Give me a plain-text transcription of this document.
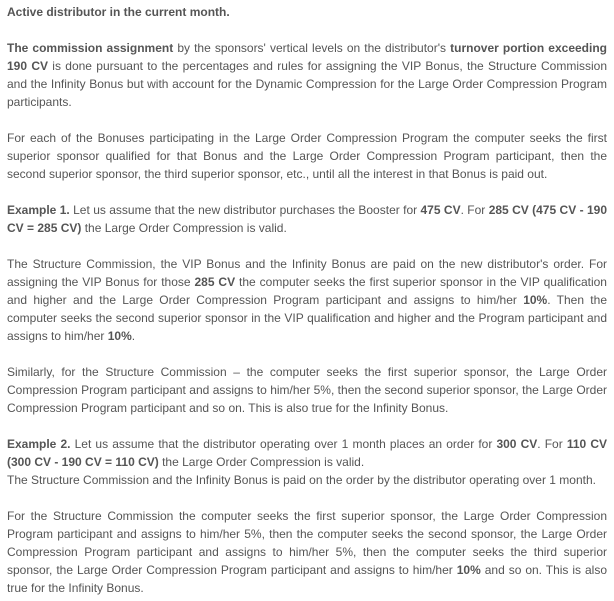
Active distributor in the current month.
The commission assignment by the sponsors' vertical levels on the distributor's turnover portion exceeding 190 CV is done pursuant to the percentages and rules for assigning the VIP Bonus, the Structure Commission and the Infinity Bonus but with account for the Dynamic Compression for the Large Order Compression Program participants.
For each of the Bonuses participating in the Large Order Compression Program the computer seeks the first superior sponsor qualified for that Bonus and the Large Order Compression Program participant, then the second superior sponsor, the third superior sponsor, etc., until all the interest in that Bonus is paid out.
Example 1. Let us assume that the new distributor purchases the Booster for 475 CV. For 285 CV (475 CV - 190 CV = 285 CV) the Large Order Compression is valid.
The Structure Commission, the VIP Bonus and the Infinity Bonus are paid on the new distributor's order. For assigning the VIP Bonus for those 285 CV the computer seeks the first superior sponsor in the VIP qualification and higher and the Large Order Compression Program participant and assigns to him/her 10%. Then the computer seeks the second superior sponsor in the VIP qualification and higher and the Program participant and assigns to him/her 10%.
Similarly, for the Structure Commission – the computer seeks the first superior sponsor, the Large Order Compression Program participant and assigns to him/her 5%, then the second superior sponsor, the Large Order Compression Program participant and so on. This is also true for the Infinity Bonus.
Example 2. Let us assume that the distributor operating over 1 month places an order for 300 CV. For 110 CV (300 CV - 190 CV = 110 CV) the Large Order Compression is valid.
The Structure Commission and the Infinity Bonus is paid on the order by the distributor operating over 1 month.
For the Structure Commission the computer seeks the first superior sponsor, the Large Order Compression Program participant and assigns to him/her 5%, then the computer seeks the second sponsor, the Large Order Compression Program participant and assigns to him/her 5%, then the computer seeks the third superior sponsor, the Large Order Compression Program participant and assigns to him/her 10% and so on. This is also true for the Infinity Bonus.
